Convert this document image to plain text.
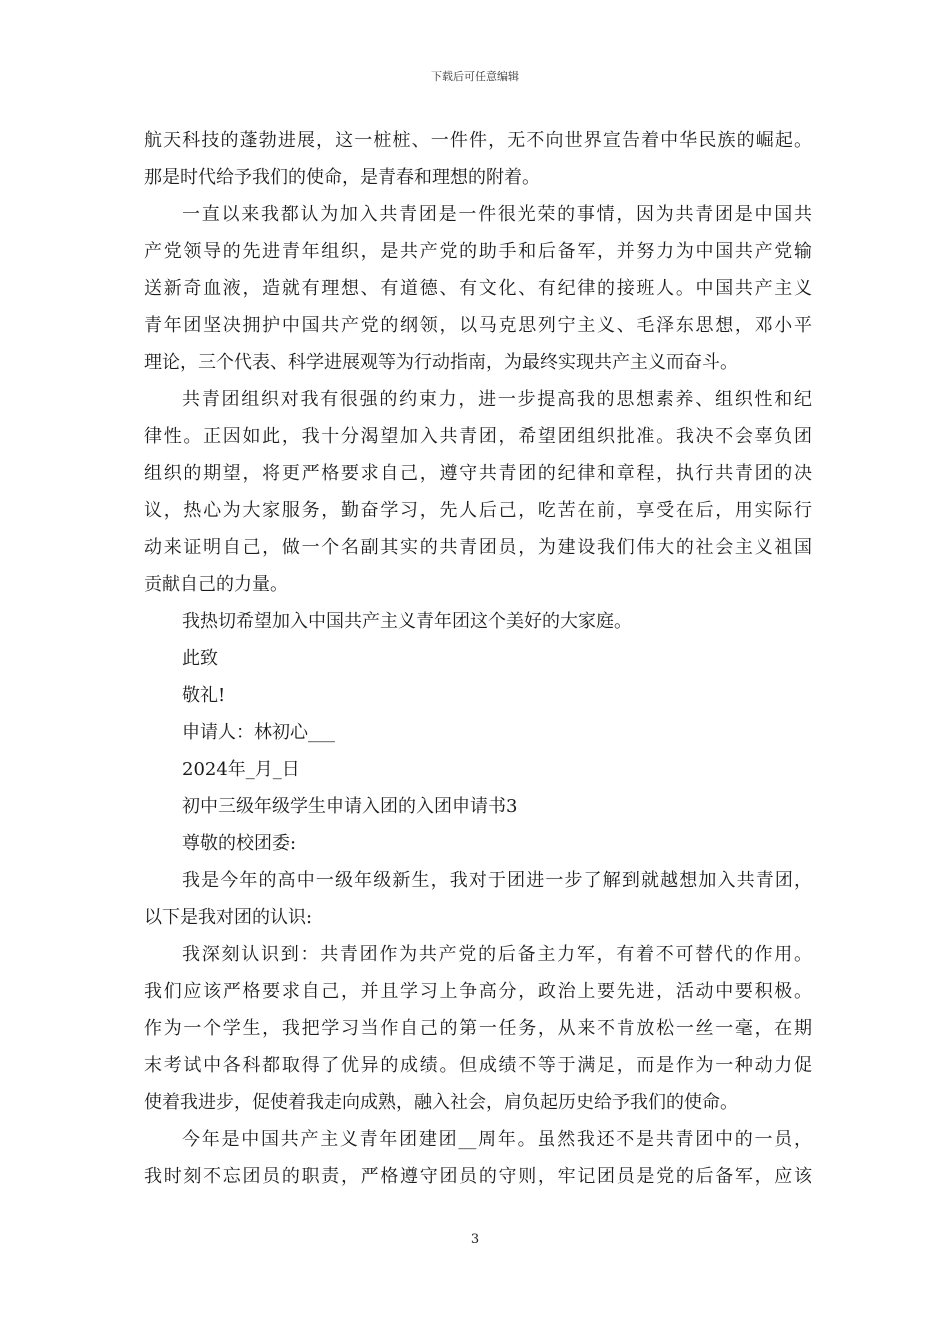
下载后可任意编辑
航天科技的蓬勃进展，这一桩桩、一件件，无不向世界宣告着中华民族的崛起。
那是时代给予我们的使命，是青春和理想的附着。
一直以来我都认为加入共青团是一件很光荣的事情，因为共青团是中国共
产党领导的先进青年组织，是共产党的助手和后备军，并努力为中国共产党输
送新奇血液，造就有理想、有道德、有文化、有纪律的接班人。中国共产主义
青年团坚决拥护中国共产党的纲领，以马克思列宁主义、毛泽东思想，邓小平
理论，三个代表、科学进展观等为行动指南，为最终实现共产主义而奋斗。
共青团组织对我有很强的约束力，进一步提高我的思想素养、组织性和纪
律性。正因如此，我十分渴望加入共青团，希望团组织批准。我决不会辜负团
组织的期望，将更严格要求自己，遵守共青团的纪律和章程，执行共青团的决
议，热心为大家服务，勤奋学习，先人后己，吃苦在前，享受在后，用实际行
动来证明自己，做一个名副其实的共青团员，为建设我们伟大的社会主义祖国
贡献自己的力量。
我热切希望加入中国共产主义青年团这个美好的大家庭。
此致
敬礼!
申请人：林初心___
2024年_月_日
初中三级年级学生申请入团的入团申请书3
尊敬的校团委:
我是今年的高中一级年级新生，我对于团进一步了解到就越想加入共青团，
以下是我对团的认识:
我深刻认识到：共青团作为共产党的后备主力军，有着不可替代的作用。
我们应该严格要求自己，并且学习上争高分，政治上要先进，活动中要积极。
作为一个学生，我把学习当作自己的第一任务，从来不肯放松一丝一毫，在期
末考试中各科都取得了优异的成绩。但成绩不等于满足，而是作为一种动力促
使着我进步，促使着我走向成熟，融入社会，肩负起历史给予我们的使命。
今年是中国共产主义青年团建团__周年。虽然我还不是共青团中的一员，
我时刻不忘团员的职责，严格遵守团员的守则，牢记团员是党的后备军，应该
3
